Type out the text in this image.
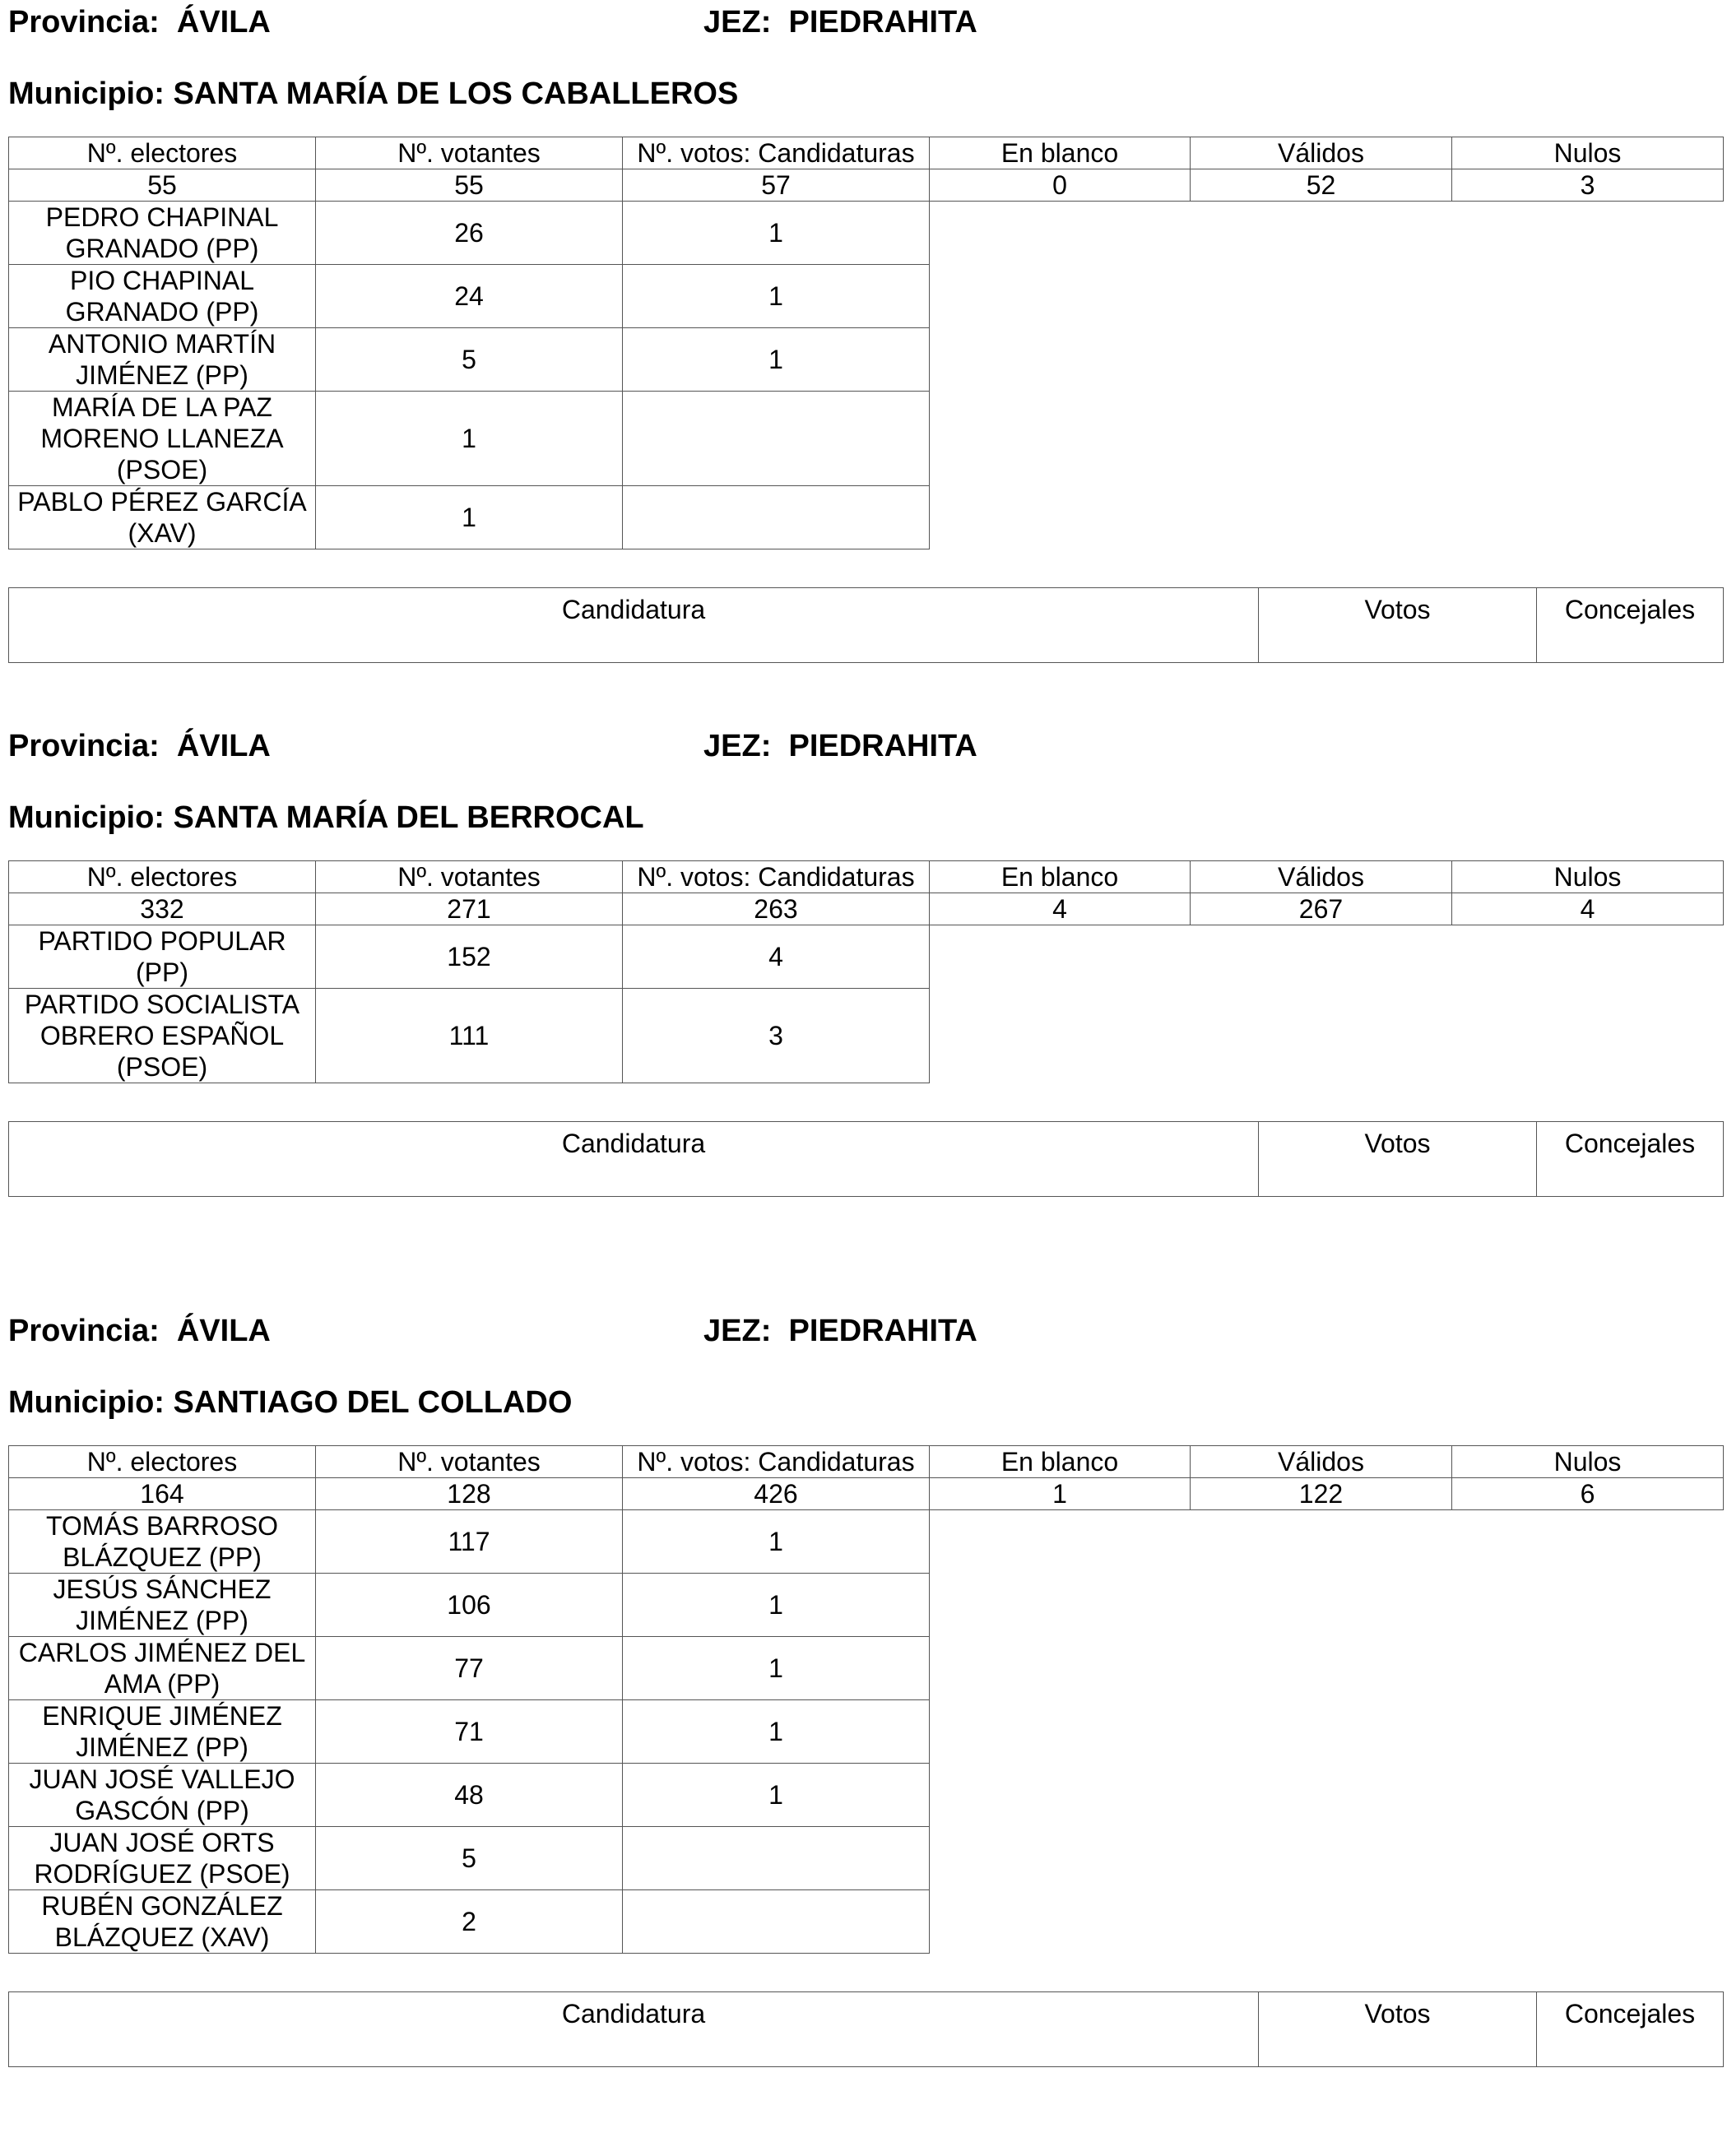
Provincia:  ÁVILA	JEZ:  PIEDRAHITA
Municipio: SANTA MARÍA DE LOS CABALLEROS
Nº. electores	Nº. votantes	Nº. votos: Candidaturas	En blanco	Válidos	Nulos
55	55	57	0	52	3
PEDRO CHAPINAL GRANADO (PP)	26	1			
PIO CHAPINAL GRANADO (PP)	24	1			
ANTONIO MARTÍN JIMÉNEZ (PP)	5	1			
MARÍA DE LA PAZ MORENO LLANEZA (PSOE)	1				
PABLO PÉREZ GARCÍA (XAV)	1				
Candidatura	Votos	Concejales
Provincia:  ÁVILA	JEZ:  PIEDRAHITA
Municipio: SANTA MARÍA DEL BERROCAL
Nº. electores	Nº. votantes	Nº. votos: Candidaturas	En blanco	Válidos	Nulos
332	271	263	4	267	4
PARTIDO POPULAR (PP)	152	4			
PARTIDO SOCIALISTA OBRERO ESPAÑOL (PSOE)	111	3			
Candidatura	Votos	Concejales
Provincia:  ÁVILA	JEZ:  PIEDRAHITA
Municipio: SANTIAGO DEL COLLADO
Nº. electores	Nº. votantes	Nº. votos: Candidaturas	En blanco	Válidos	Nulos
164	128	426	1	122	6
TOMÁS BARROSO BLÁZQUEZ (PP)	117	1			
JESÚS SÁNCHEZ JIMÉNEZ (PP)	106	1			
CARLOS JIMÉNEZ DEL AMA (PP)	77	1			
ENRIQUE JIMÉNEZ JIMÉNEZ (PP)	71	1			
JUAN JOSÉ VALLEJO GASCÓN (PP)	48	1			
JUAN JOSÉ ORTS RODRÍGUEZ (PSOE)	5				
RUBÉN GONZÁLEZ BLÁZQUEZ (XAV)	2				
Candidatura	Votos	Concejales
